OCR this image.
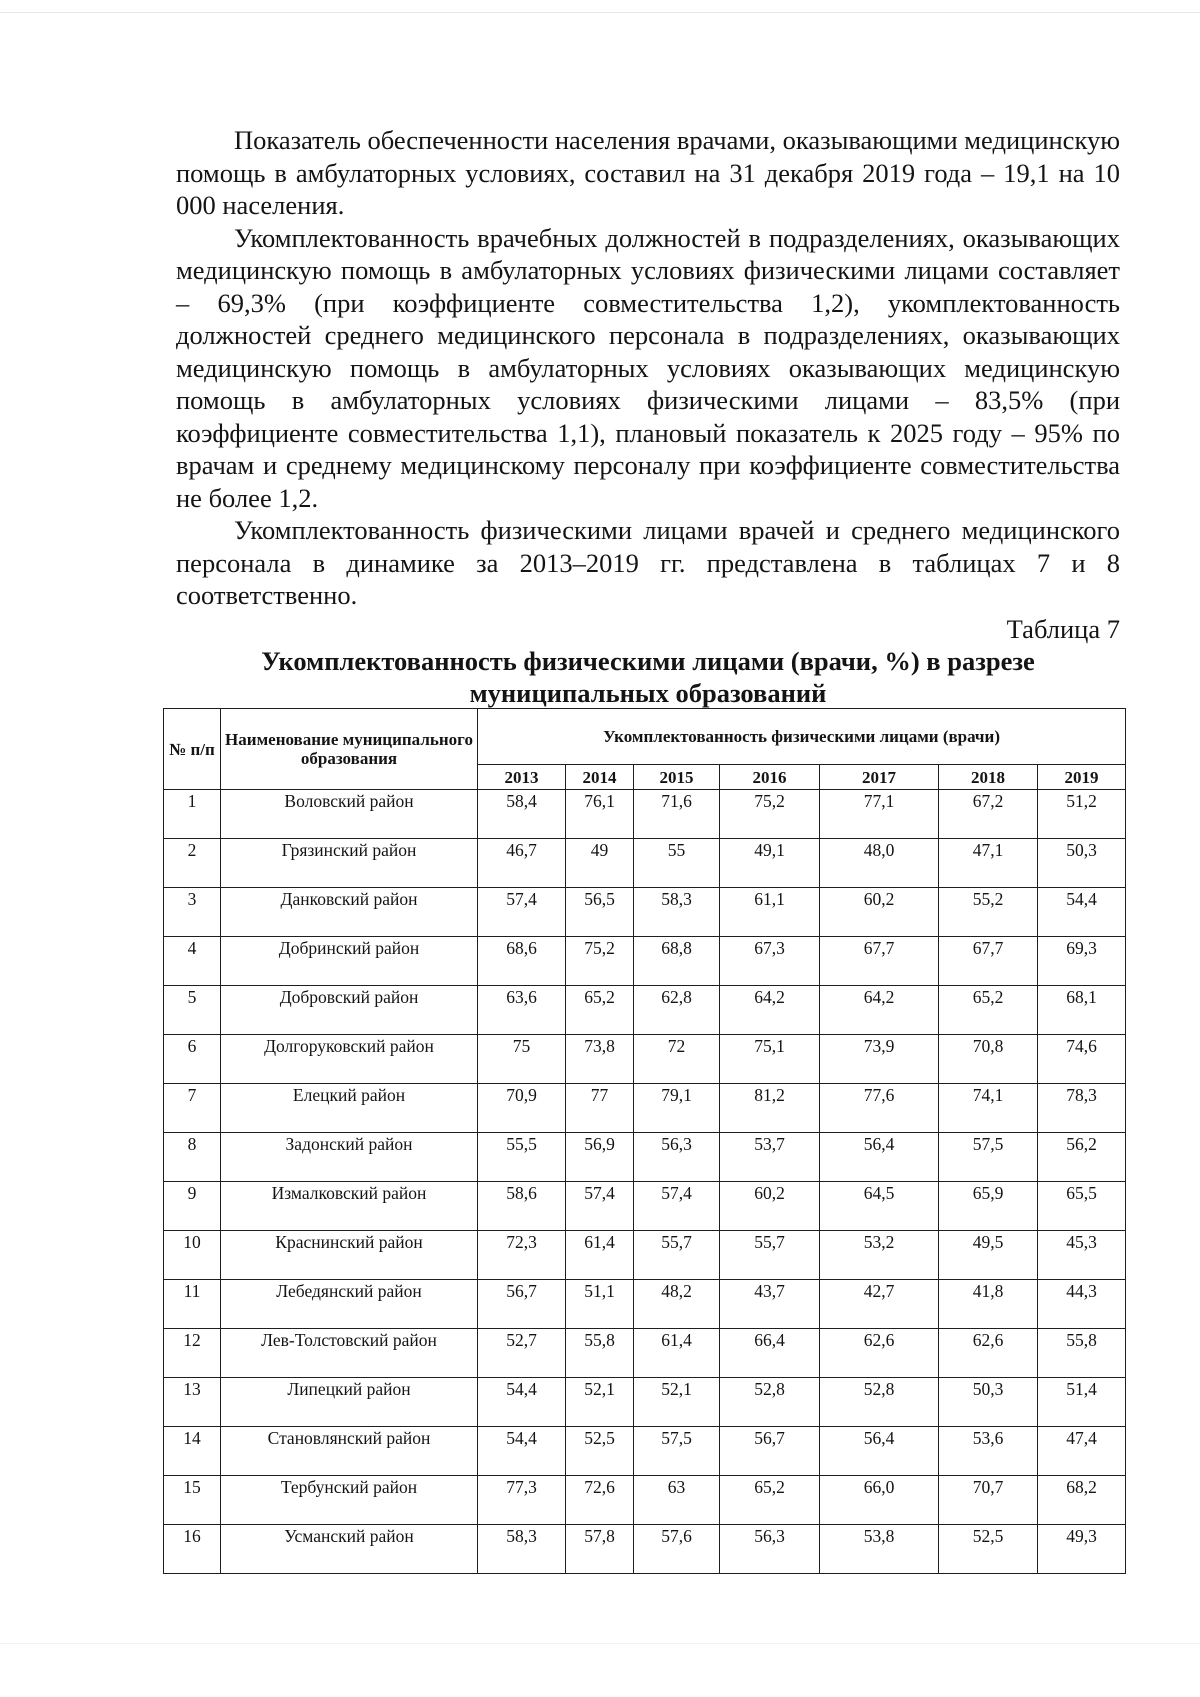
Показатель обеспеченности населения врачами, оказывающими медицинскую помощь в амбулаторных условиях, составил на 31 декабря 2019 года – 19,1 на 10 000 населения.

Укомплектованность врачебных должностей в подразделениях, оказывающих медицинскую помощь в амбулаторных условиях физическими лицами составляет – 69,3% (при коэффициенте совместительства 1,2), укомплектованность должностей среднего медицинского персонала в подразделениях, оказывающих медицинскую помощь в амбулаторных условиях оказывающих медицинскую помощь в амбулаторных условиях физическими лицами – 83,5% (при коэффициенте совместительства 1,1), плановый показатель к 2025 году – 95% по врачам и среднему медицинскому персоналу при коэффициенте совместительства не более 1,2.

Укомплектованность физическими лицами врачей и среднего медицинского персонала в динамике за 2013–2019 гг. представлена в таблицах 7 и 8 соответственно.

Таблица 7
Укомплектованность физическими лицами (врачи, %) в разрезе муниципальных образований
№ п/п	Наименование муниципального образования	Укомплектованность физическими лицами (врачи)						
		2013	2014	2015	2016	2017	2018	2019
1	Воловский район	58,4	76,1	71,6	75,2	77,1	67,2	51,2
2	Грязинский район	46,7	49	55	49,1	48,0	47,1	50,3
3	Данковский район	57,4	56,5	58,3	61,1	60,2	55,2	54,4
4	Добринский район	68,6	75,2	68,8	67,3	67,7	67,7	69,3
5	Добровский район	63,6	65,2	62,8	64,2	64,2	65,2	68,1
6	Долгоруковский район	75	73,8	72	75,1	73,9	70,8	74,6
7	Елецкий район	70,9	77	79,1	81,2	77,6	74,1	78,3
8	Задонский район	55,5	56,9	56,3	53,7	56,4	57,5	56,2
9	Измалковский район	58,6	57,4	57,4	60,2	64,5	65,9	65,5
10	Краснинский район	72,3	61,4	55,7	55,7	53,2	49,5	45,3
11	Лебедянский район	56,7	51,1	48,2	43,7	42,7	41,8	44,3
12	Лев-Толстовский район	52,7	55,8	61,4	66,4	62,6	62,6	55,8
13	Липецкий район	54,4	52,1	52,1	52,8	52,8	50,3	51,4
14	Становлянский район	54,4	52,5	57,5	56,7	56,4	53,6	47,4
15	Тербунский район	77,3	72,6	63	65,2	66,0	70,7	68,2
16	Усманский район	58,3	57,8	57,6	56,3	53,8	52,5	49,3
